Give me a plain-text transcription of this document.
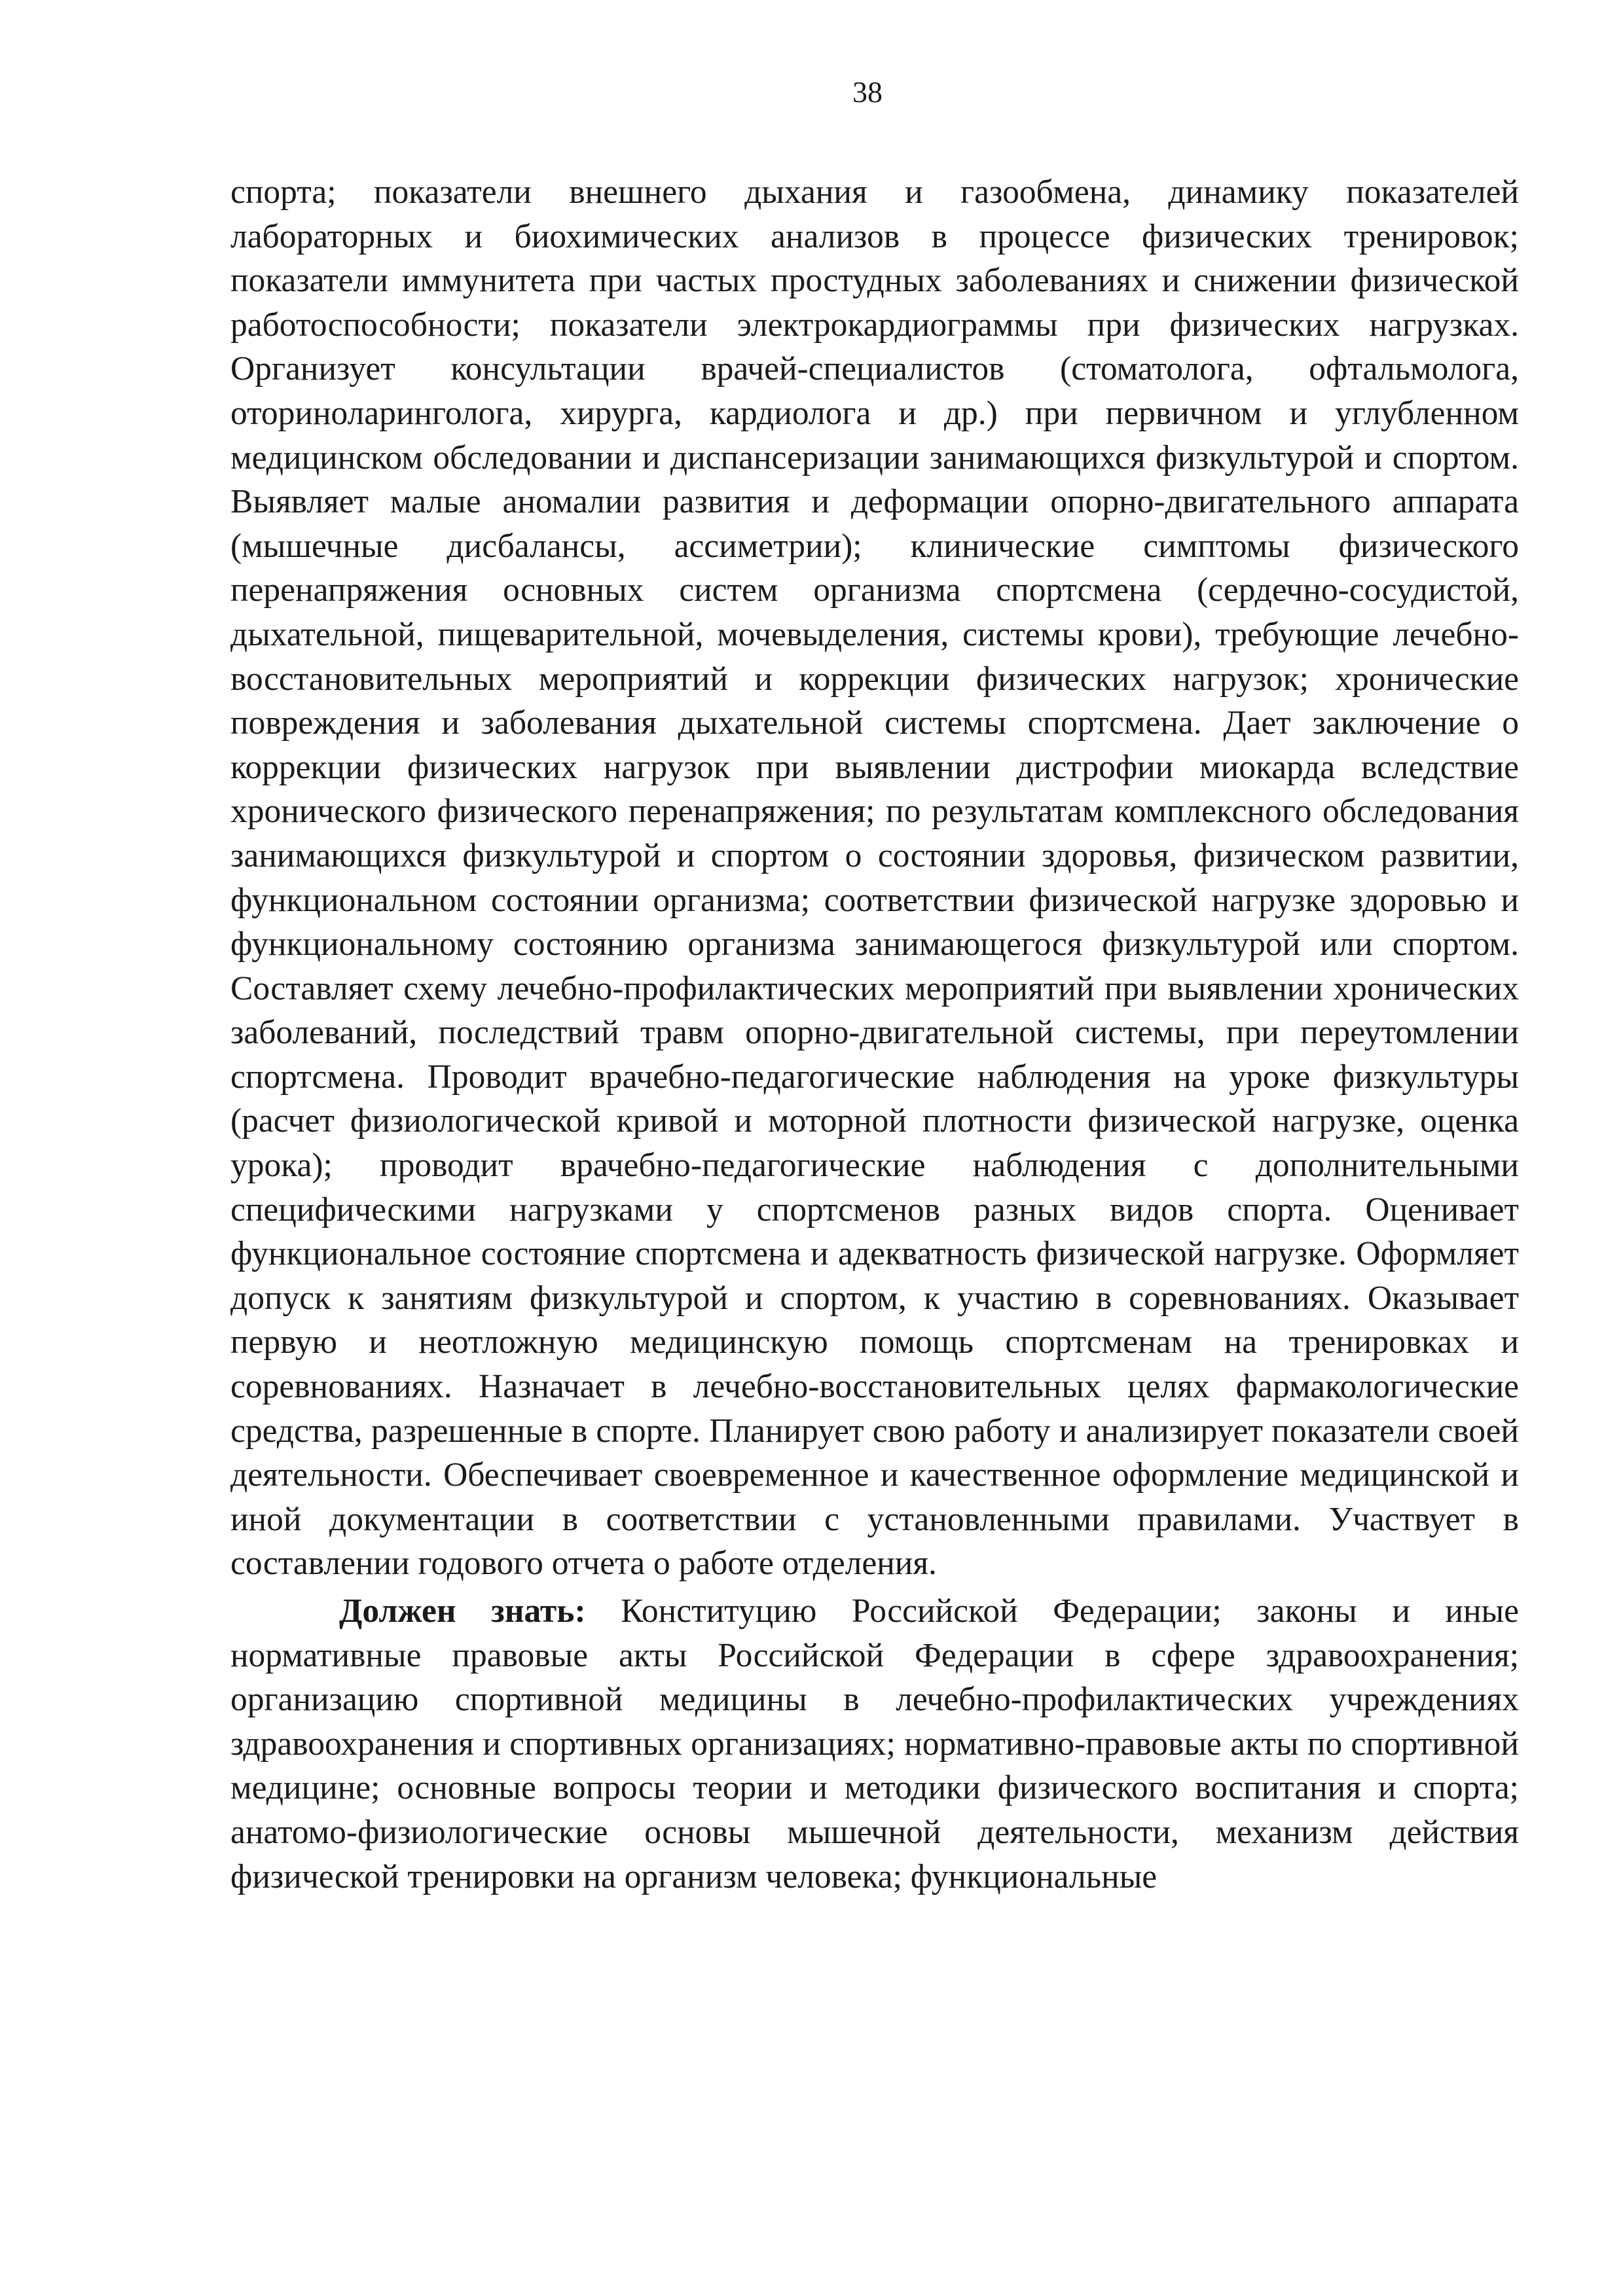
38

спорта; показатели внешнего дыхания и газообмена, динамику показателей лабораторных и биохимических анализов в процессе физических тренировок; показатели иммунитета при частых простудных заболеваниях и снижении физической работоспособности; показатели электрокардиограммы при физических нагрузках. Организует консультации врачей-специалистов (стоматолога, офтальмолога, оториноларинголога, хирурга, кардиолога и др.) при первичном и углубленном медицинском обследовании и диспансеризации занимающихся физкультурой и спортом. Выявляет малые аномалии развития и деформации опорно-двигательного аппарата (мышечные дисбалансы, ассиметрии); клинические симптомы физического перенапряжения основных систем организма спортсмена (сердечно-сосудистой, дыхательной, пищеварительной, мочевыделения, системы крови), требующие лечебно-восстановительных мероприятий и коррекции физических нагрузок; хронические повреждения и заболевания дыхательной системы спортсмена. Дает заключение о коррекции физических нагрузок при выявлении дистрофии миокарда вследствие хронического физического перенапряжения; по результатам комплексного обследования занимающихся физкультурой и спортом о состоянии здоровья, физическом развитии, функциональном состоянии организма; соответствии физической нагрузке здоровью и функциональному состоянию организма занимающегося физкультурой или спортом. Составляет схему лечебно-профилактических мероприятий при выявлении хронических заболеваний, последствий травм опорно-двигательной системы, при переутомлении спортсмена. Проводит врачебно-педагогические наблюдения на уроке физкультуры (расчет физиологической кривой и моторной плотности физической нагрузке, оценка урока); проводит врачебно-педагогические наблюдения с дополнительными специфическими нагрузками у спортсменов разных видов спорта. Оценивает функциональное состояние спортсмена и адекватность физической нагрузке. Оформляет допуск к занятиям физкультурой и спортом, к участию в соревнованиях. Оказывает первую и неотложную медицинскую помощь спортсменам на тренировках и соревнованиях. Назначает в лечебно-восстановительных целях фармакологические средства, разрешенные в спорте. Планирует свою работу и анализирует показатели своей деятельности. Обеспечивает своевременное и качественное оформление медицинской и иной документации в соответствии с установленными правилами. Участвует в составлении годового отчета о работе отделения.

Должен знать: Конституцию Российской Федерации; законы и иные нормативные правовые акты Российской Федерации в сфере здравоохранения; организацию спортивной медицины в лечебно-профилактических учреждениях здравоохранения и спортивных организациях; нормативно-правовые акты по спортивной медицине; основные вопросы теории и методики физического воспитания и спорта; анатомо-физиологические основы мышечной деятельности, механизм действия физической тренировки на организм человека; функциональные
